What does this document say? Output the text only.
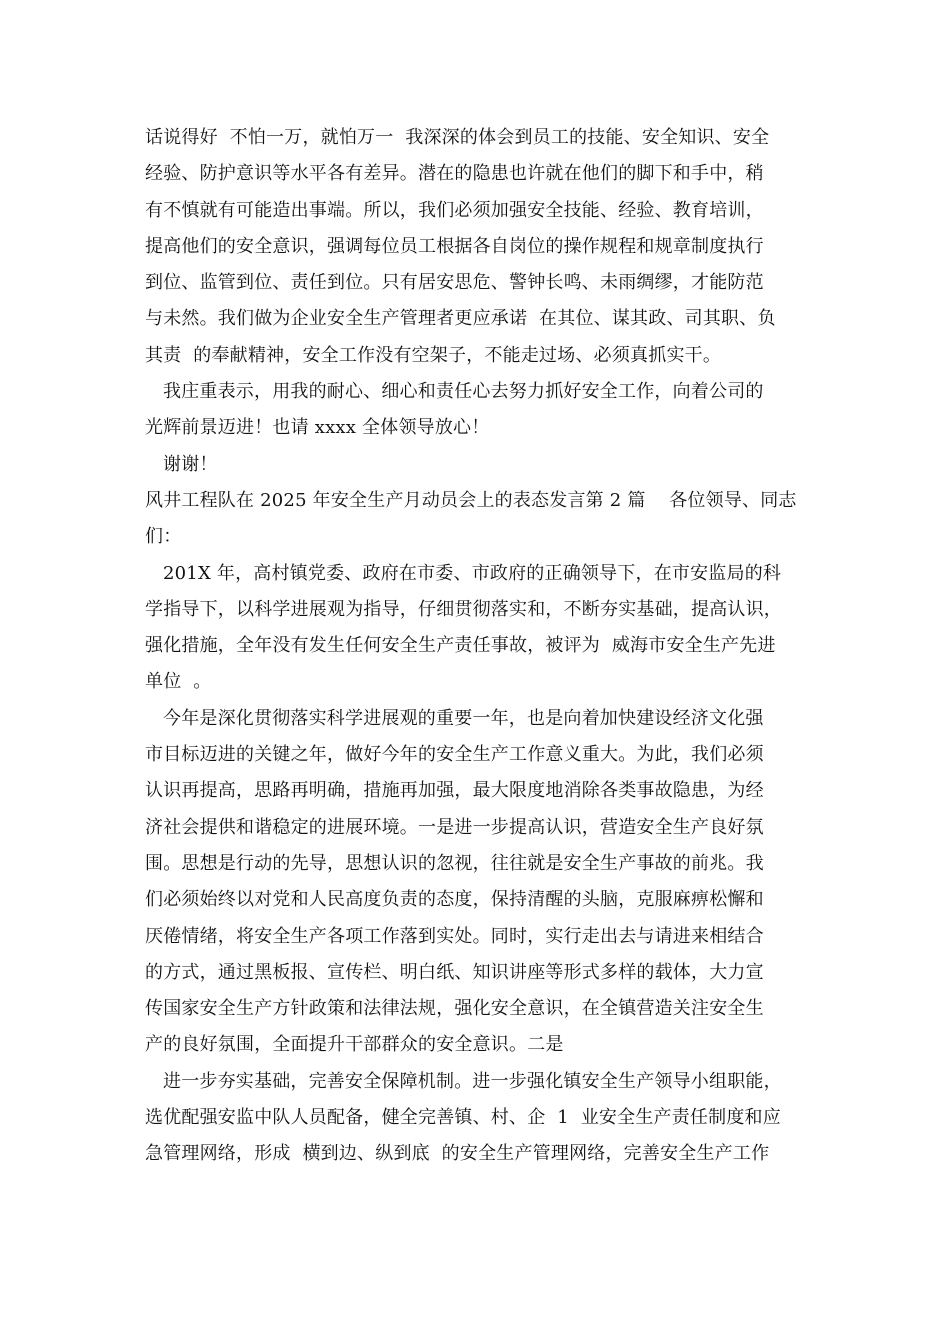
话说得好  不怕一万，就怕万一  我深深的体会到员工的技能、安全知识、安全
经验、防护意识等水平各有差异。潜在的隐患也许就在他们的脚下和手中，稍
有不慎就有可能造出事端。所以，我们必须加强安全技能、经验、教育培训，
提高他们的安全意识，强调每位员工根据各自岗位的操作规程和规章制度执行
到位、监管到位、责任到位。只有居安思危、警钟长鸣、未雨绸缪，才能防范
与未然。我们做为企业安全生产管理者更应承诺  在其位、谋其政、司其职、负
其责  的奉献精神，安全工作没有空架子，不能走过场、必须真抓实干。
我庄重表示，用我的耐心、细心和责任心去努力抓好安全工作，向着公司的
光辉前景迈进！也请 xxxx 全体领导放心！
谢谢！
风井工程队在 2025 年安全生产月动员会上的表态发言第 2 篇    各位领导、同志
们：
201X 年，高村镇党委、政府在市委、市政府的正确领导下，在市安监局的科
学指导下，以科学进展观为指导，仔细贯彻落实和，不断夯实基础，提高认识，
强化措施，全年没有发生任何安全生产责任事故，被评为  威海市安全生产先进
单位  。
今年是深化贯彻落实科学进展观的重要一年，也是向着加快建设经济文化强
市目标迈进的关键之年，做好今年的安全生产工作意义重大。为此，我们必须
认识再提高，思路再明确，措施再加强，最大限度地消除各类事故隐患，为经
济社会提供和谐稳定的进展环境。一是进一步提高认识，营造安全生产良好氛
围。思想是行动的先导，思想认识的忽视，往往就是安全生产事故的前兆。我
们必须始终以对党和人民高度负责的态度，保持清醒的头脑，克服麻痹松懈和
厌倦情绪，将安全生产各项工作落到实处。同时，实行走出去与请进来相结合
的方式，通过黑板报、宣传栏、明白纸、知识讲座等形式多样的载体，大力宣
传国家安全生产方针政策和法律法规，强化安全意识，在全镇营造关注安全生
产的良好氛围，全面提升干部群众的安全意识。二是
进一步夯实基础，完善安全保障机制。进一步强化镇安全生产领导小组职能，
选优配强安监中队人员配备，健全完善镇、村、企  1  业安全生产责任制度和应
急管理网络，形成  横到边、纵到底  的安全生产管理网络，完善安全生产工作
